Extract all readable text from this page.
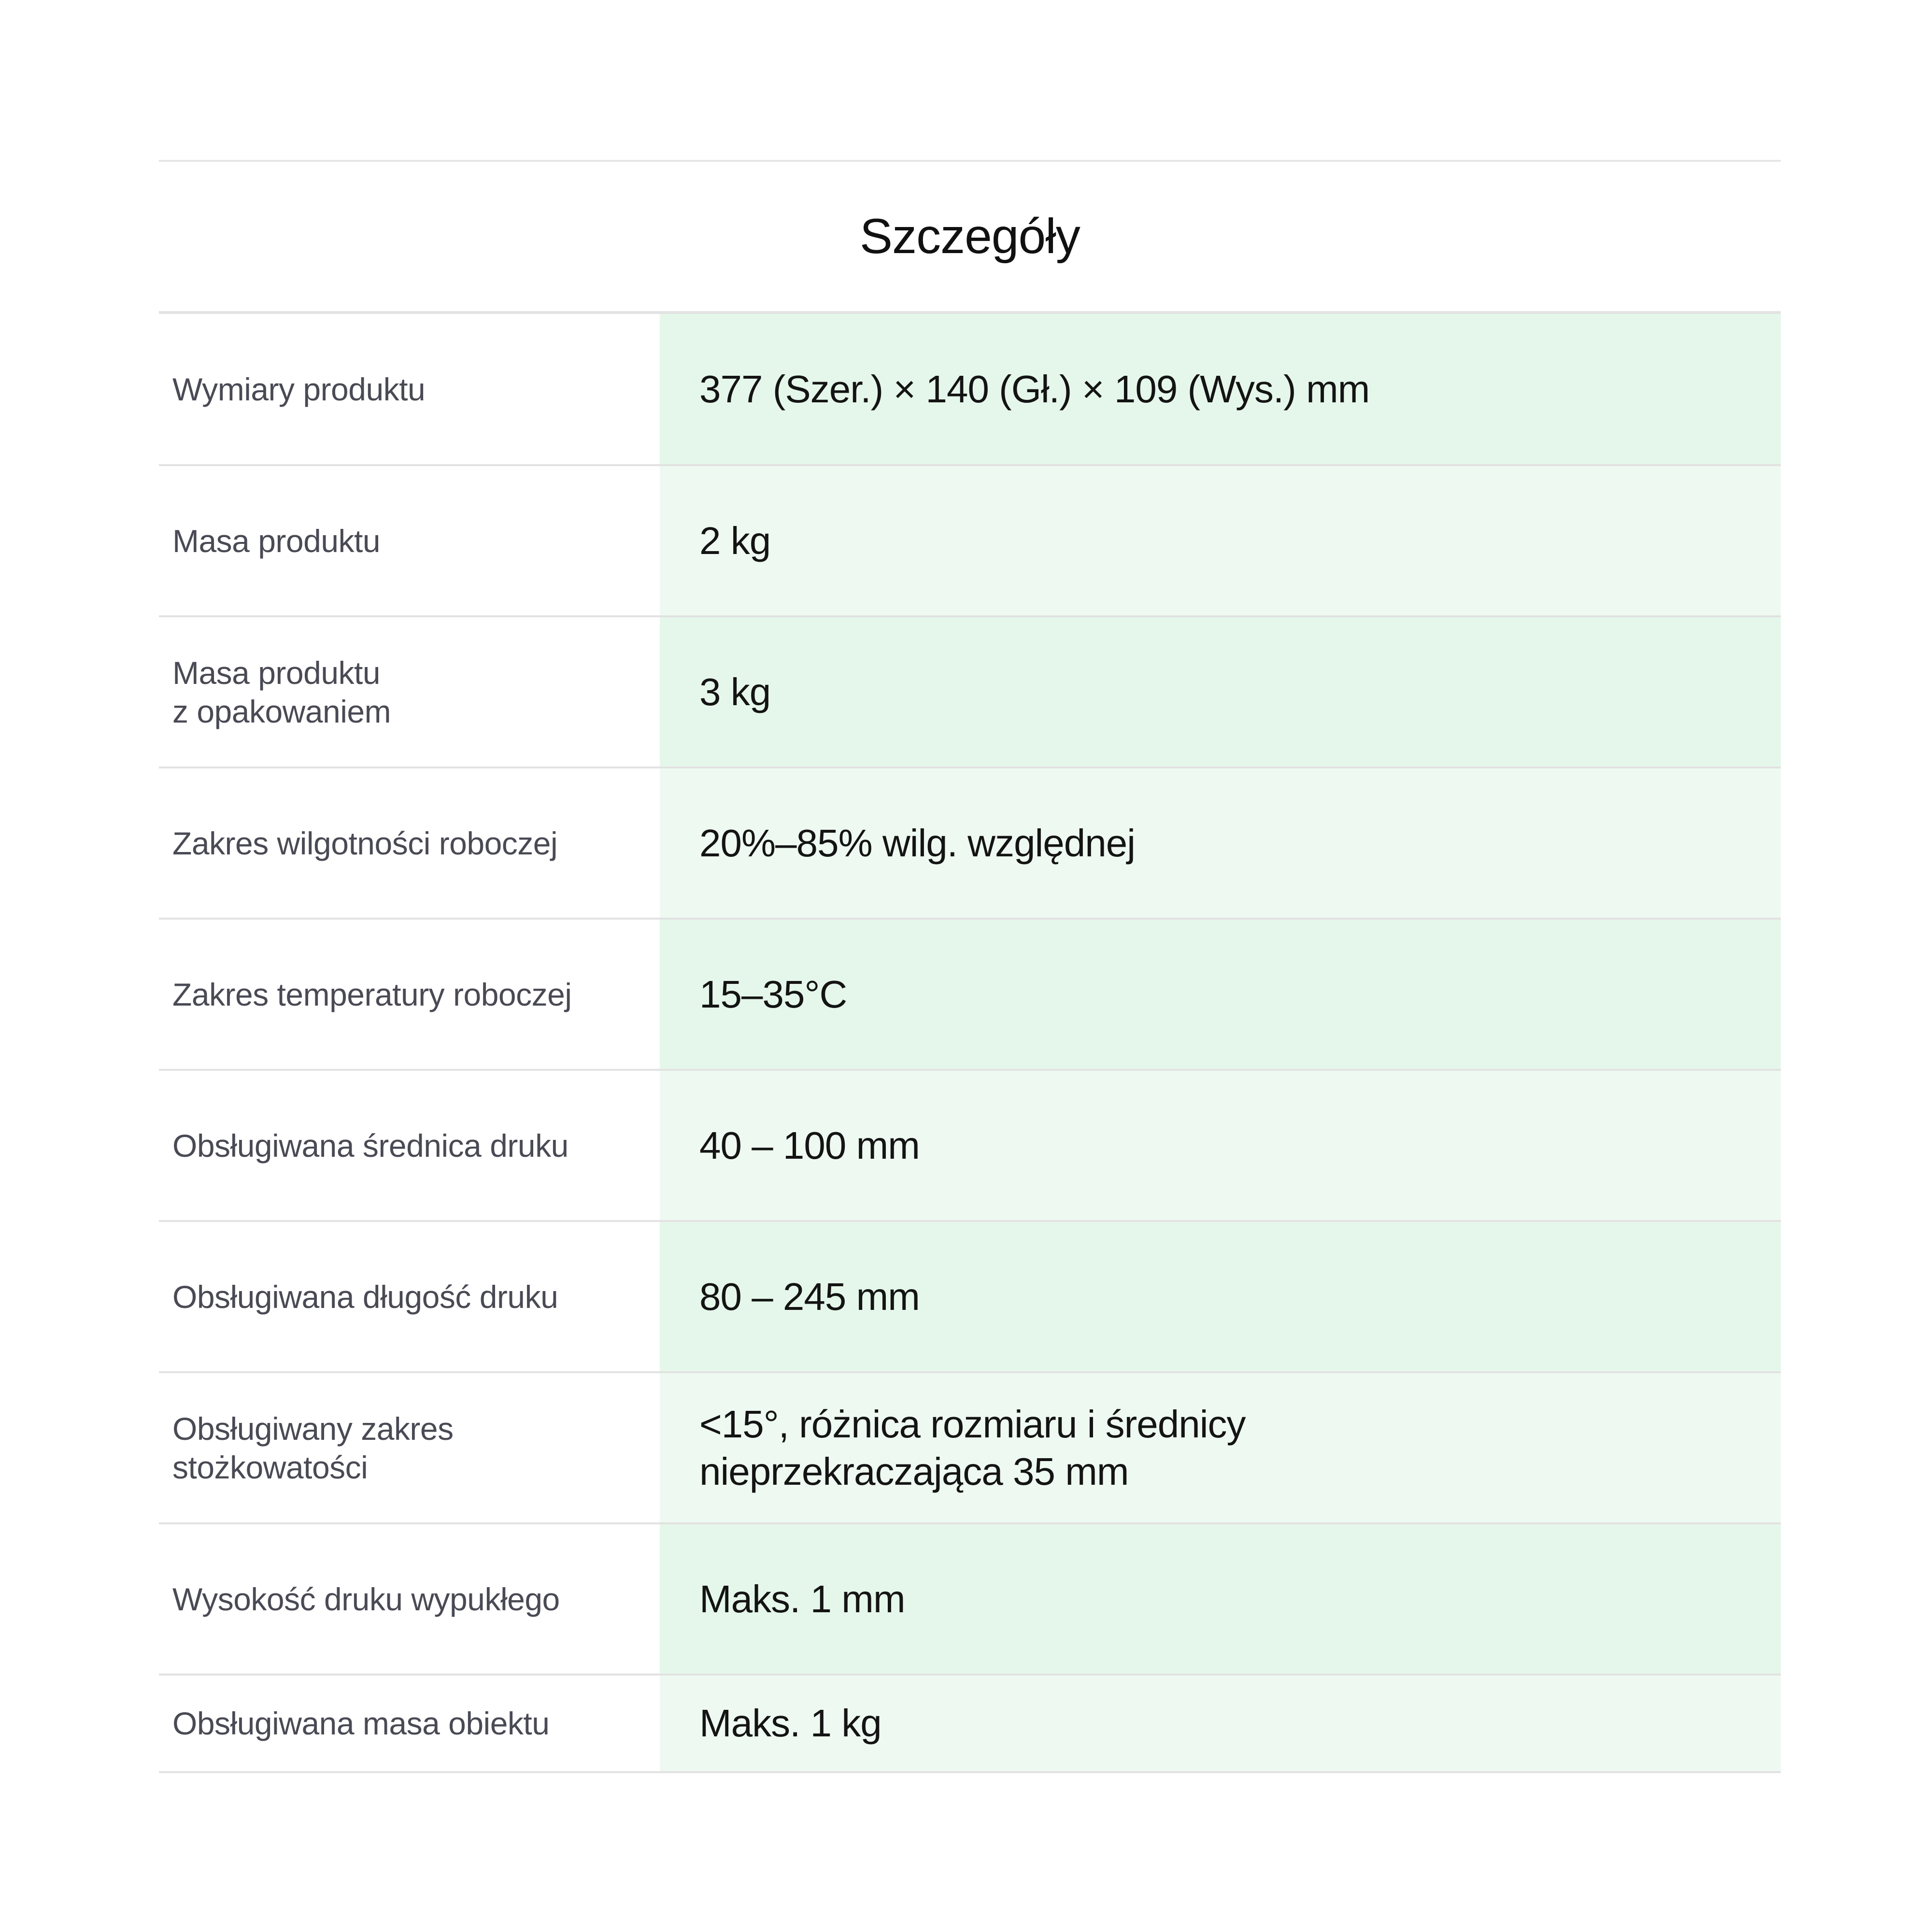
Szczegóły
Wymiary produktu	377 (Szer.) × 140 (Gł.) × 109 (Wys.) mm
Masa produktu	2 kg
Masa produktu
z opakowaniem	3 kg
Zakres wilgotności roboczej	20%–85% wilg. względnej
Zakres temperatury roboczej	15–35°C
Obsługiwana średnica druku	40 – 100 mm
Obsługiwana długość druku	80 – 245 mm
Obsługiwany zakres
stożkowatości	<15°, różnica rozmiaru i średnicy
nieprzekraczająca 35 mm
Wysokość druku wypukłego	Maks. 1 mm
Obsługiwana masa obiektu	Maks. 1 kg
